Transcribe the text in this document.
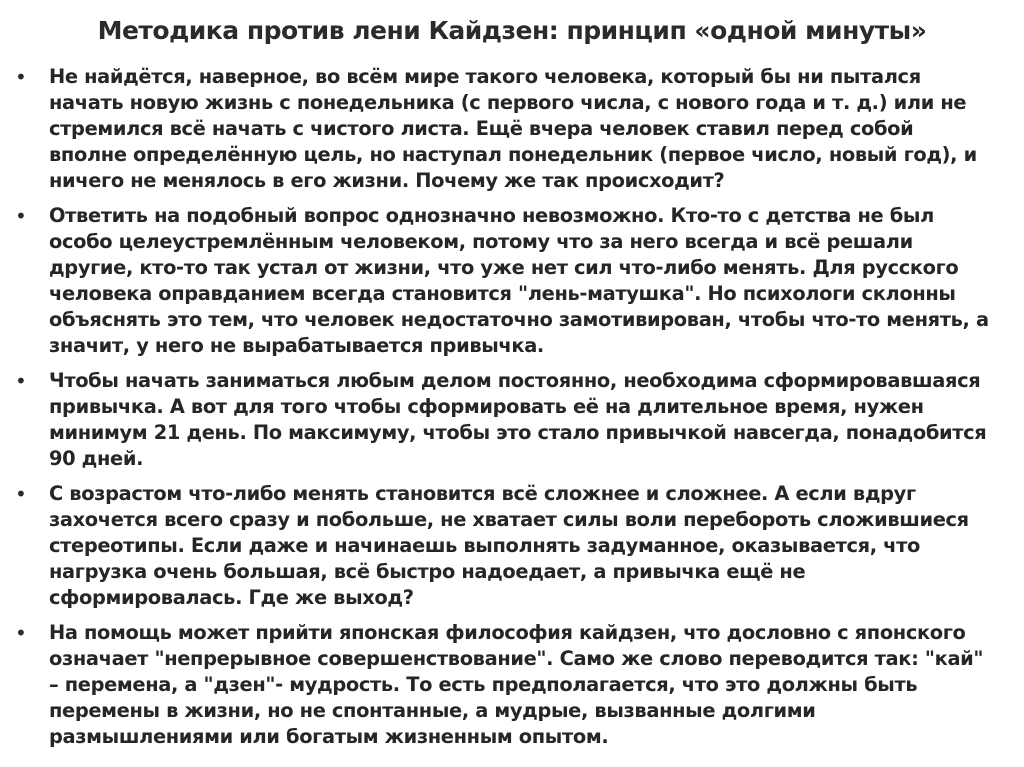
Методика против лени Кайдзен: принцип «одной минуты»
• Не найдётся, наверное, во всём мире такого человека, который бы ни пытался начать новую жизнь с понедельника (с первого числа, с нового года и т. д.) или не стремился всё начать с чистого листа. Ещё вчера человек ставил перед собой вполне определённую цель, но наступал понедельник (первое число, новый год), и ничего не менялось в его жизни. Почему же так происходит?
• Ответить на подобный вопрос однозначно невозможно. Кто-то с детства не был особо целеустремлённым человеком, потому что за него всегда и всё решали другие, кто-то так устал от жизни, что уже нет сил что-либо менять. Для русского человека оправданием всегда становится "лень-матушка". Но психологи склонны объяснять это тем, что человек недостаточно замотивирован, чтобы что-то менять, а значит, у него не вырабатывается привычка.
• Чтобы начать заниматься любым делом постоянно, необходима сформировавшаяся привычка. А вот для того чтобы сформировать её на длительное время, нужен минимум 21 день. По максимуму, чтобы это стало привычкой навсегда, понадобится 90 дней.
• С возрастом что-либо менять становится всё сложнее и сложнее. А если вдруг захочется всего сразу и побольше, не хватает силы воли перебороть сложившиеся стереотипы. Если даже и начинаешь выполнять задуманное, оказывается, что нагрузка очень большая, всё быстро надоедает, а привычка ещё не сформировалась. Где же выход?
• На помощь может прийти японская философия кайдзен, что дословно с японского означает "непрерывное совершенствование". Само же слово переводится так: "кай" – перемена, а "дзен"- мудрость. То есть предполагается, что это должны быть перемены в жизни, но не спонтанные, а мудрые, вызванные долгими размышлениями или богатым жизненным опытом.
